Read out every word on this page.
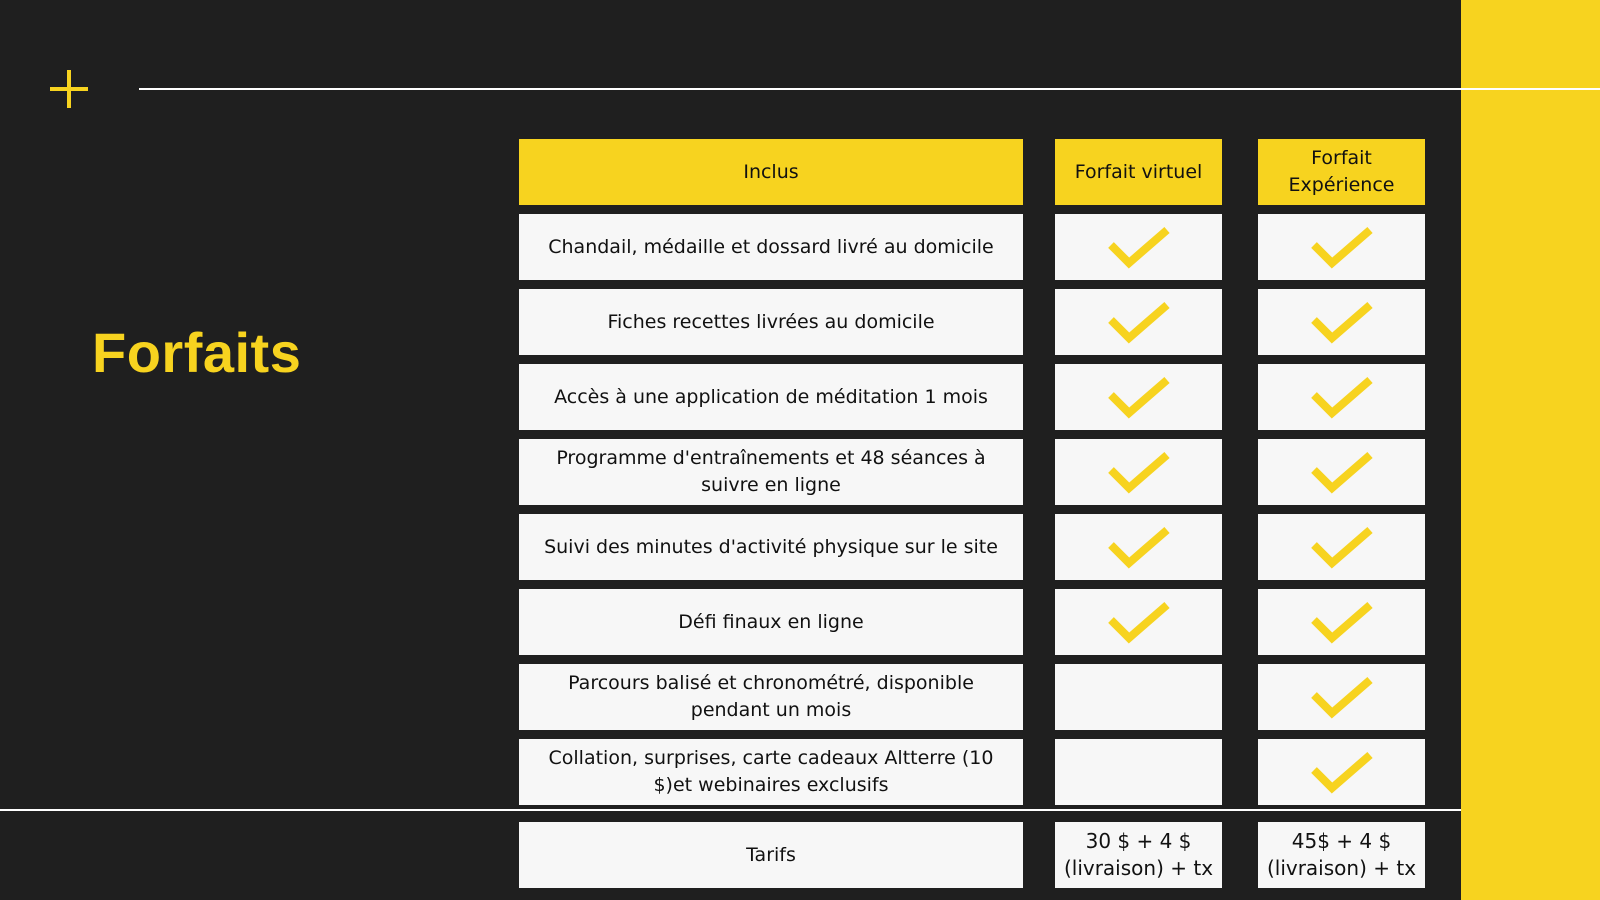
Forfaits
Inclus	Forfait virtuel
Forfait Expérience
Chandail, médaille et dossard livré au domicile
Fiches recettes livrées au domicile
Accès à une application de méditation 1 mois
Programme d'entraînements et 48 séances à suivre en ligne
Suivi des minutes d'activité physique sur le site
Défi finaux en ligne
Parcours balisé et chronométré, disponible pendant un mois
Collation, surprises, carte cadeaux Altterre (10 $)et webinaires exclusifs
Tarifs
30 $ + 4 $ (livraison) + tx
45$ + 4 $ (livraison) + tx
